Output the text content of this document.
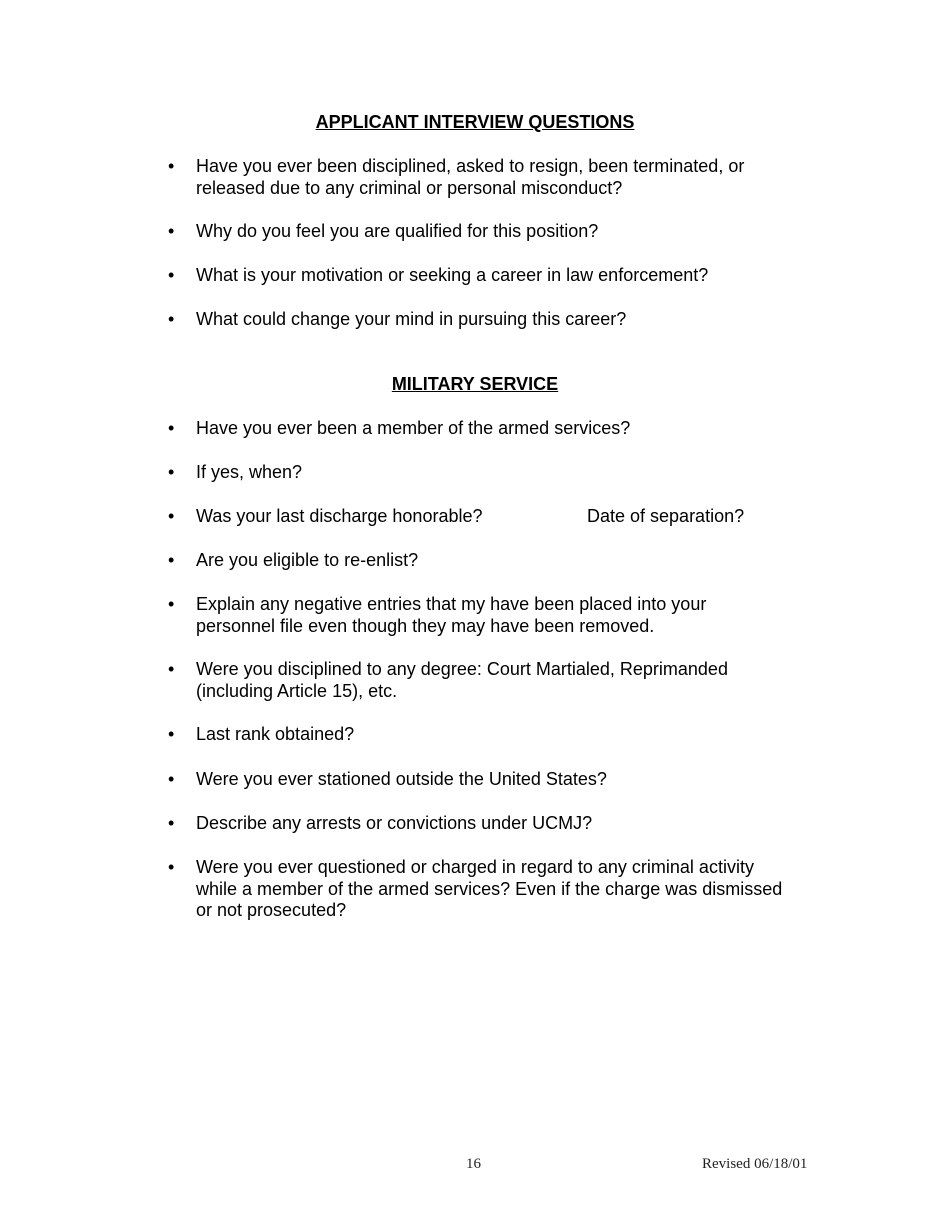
APPLICANT INTERVIEW QUESTIONS
•	Have you ever been disciplined, asked to resign, been terminated, or
released due to any criminal or personal misconduct?
•	Why do you feel you are qualified for this position?
•	What is your motivation or seeking a career in law enforcement?
•	What could change your mind in pursuing this career?
MILITARY SERVICE
•	Have you ever been a member of the armed services?
•	If yes, when?
•	Was your last discharge honorable?	Date of separation?
•	Are you eligible to re-enlist?
•	Explain any negative entries that my have been placed into your
personnel file even though they may have been removed.
•	Were you disciplined to any degree: Court Martialed, Reprimanded
(including Article 15), etc.
•	Last rank obtained?
•	Were you ever stationed outside the United States?
•	Describe any arrests or convictions under UCMJ?
•	Were you ever questioned or charged in regard to any criminal activity
while a member of the armed services? Even if the charge was dismissed
or not prosecuted?
16	Revised 06/18/01
